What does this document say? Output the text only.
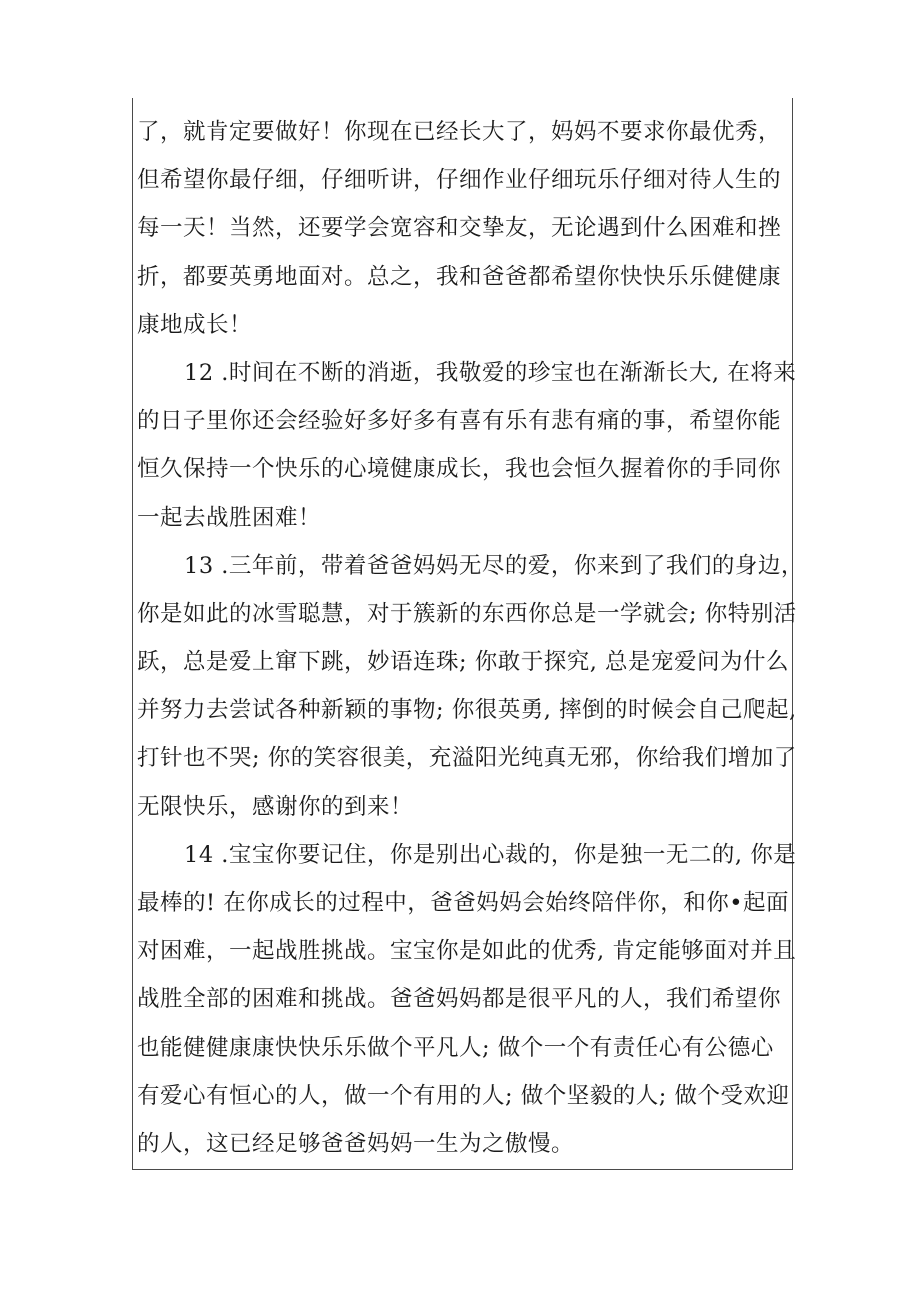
了，就肯定要做好！你现在已经长大了，妈妈不要求你最优秀，
但希望你最仔细，仔细听讲，仔细作业仔细玩乐仔细对待人生的
每一天！当然，还要学会宽容和交挚友，无论遇到什么困难和挫
折，都要英勇地面对。总之，我和爸爸都希望你快快乐乐健健康
康地成长！
12 .时间在不断的消逝，我敬爱的珍宝也在渐渐长大, 在将来
的日子里你还会经验好多好多有喜有乐有悲有痛的事，希望你能
恒久保持一个快乐的心境健康成长，我也会恒久握着你的手同你
一起去战胜困难！
13 .三年前，带着爸爸妈妈无尽的爱，你来到了我们的身边，
你是如此的冰雪聪慧，对于簇新的东西你总是一学就会; 你特别活
跃，总是爱上窜下跳，妙语连珠; 你敢于探究, 总是宠爱问为什么
并努力去尝试各种新颖的事物; 你很英勇, 摔倒的时候会自己爬起,
打针也不哭; 你的笑容很美，充溢阳光纯真无邪，你给我们增加了
无限快乐，感谢你的到来！
14 .宝宝你要记住，你是别出心裁的，你是独一无二的, 你是
最棒的! 在你成长的过程中，爸爸妈妈会始终陪伴你，和你•起面
对困难，一起战胜挑战。宝宝你是如此的优秀, 肯定能够面对并且
战胜全部的困难和挑战。爸爸妈妈都是很平凡的人，我们希望你
也能健健康康快快乐乐做个平凡人; 做个一个有责任心有公德心
有爱心有恒心的人，做一个有用的人; 做个坚毅的人; 做个受欢迎
的人，这已经足够爸爸妈妈一生为之傲慢。
